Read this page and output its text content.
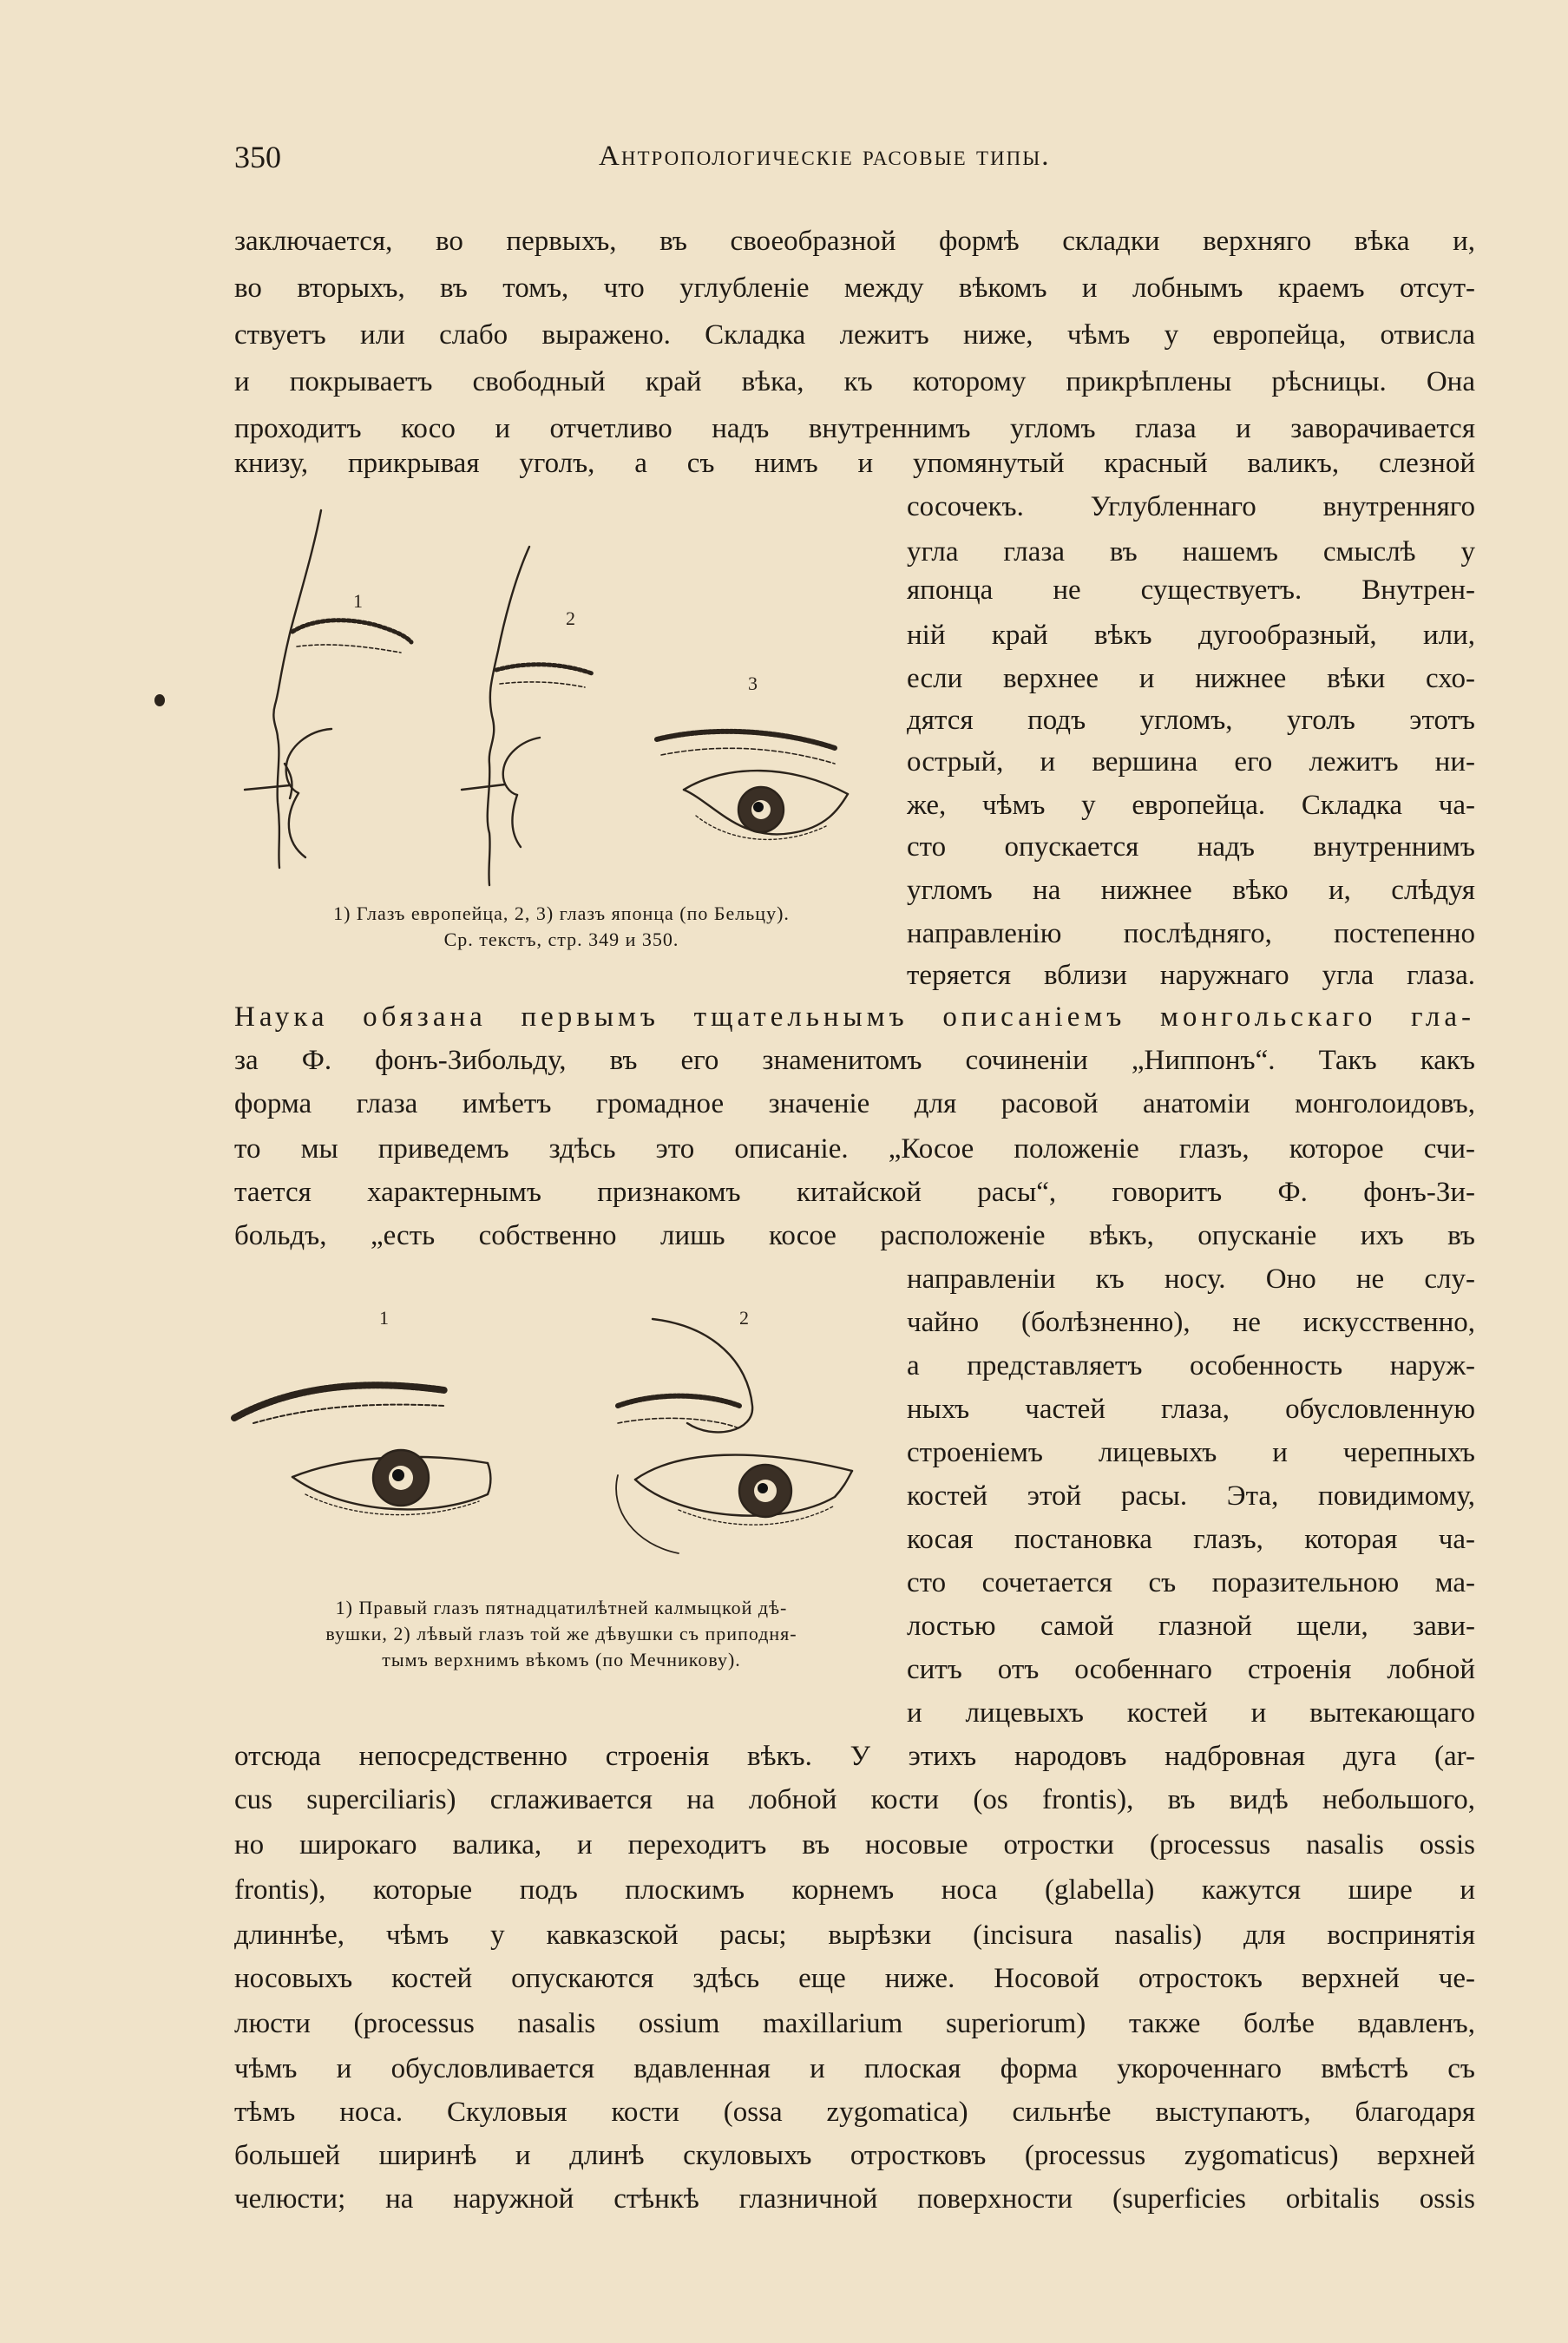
350	Антропологическіе расовые типы.

заключается, во первыхъ, въ своеобразной формѣ складки верхняго вѣка и,

во вторыхъ, въ томъ, что углубленіе между вѣкомъ и лобнымъ краемъ отсут-

ствуетъ или слабо выражено. Складка лежитъ ниже, чѣмъ у европейца, отвисла

и покрываетъ свободный край вѣка, къ которому прикрѣплены рѣсницы. Она

проходитъ косо и отчетливо надъ внутреннимъ угломъ глаза и заворачивается

книзу, прикрывая уголъ, а съ нимъ и упомянутый красный валикъ, слезной

сосочекъ. Углубленнаго внутренняго

угла глаза въ нашемъ смыслѣ у

японца не существуетъ. Внутрен-

ній край вѣкъ дугообразный, или,

если верхнее и нижнее вѣки схо-

дятся подъ угломъ, уголъ этотъ

острый, и вершина его лежитъ ни-

же, чѣмъ у европейца. Складка ча-

сто опускается надъ внутреннимъ

угломъ на нижнее вѣко и, слѣдуя

направленію послѣдняго, постепенно

теряется вблизи наружнаго угла глаза.

1
2
3
1) Глазъ европейца, 2, 3) глазъ японца (по Бельцу).
Ср. текстъ, стр. 349 и 350.

Наука обязана первымъ тщательнымъ описаніемъ монгольскаго гла-

за Ф. фонъ-Зибольду, въ его знаменитомъ сочиненіи „Ниппонъ“. Такъ какъ

форма глаза имѣетъ громадное значеніе для расовой анатоміи монголоидовъ,

то мы приведемъ здѣсь это описаніе. „Косое положеніе глазъ, которое счи-

тается характернымъ признакомъ китайской расы“, говоритъ Ф. фонъ-Зи-

больдъ, „есть собственно лишь косое расположеніе вѣкъ, опусканіе ихъ въ

направленіи къ носу. Оно не слу-

чайно (болѣзненно), не искусственно,

а представляетъ особенность наруж-

ныхъ частей глаза, обусловленную

строеніемъ лицевыхъ и черепныхъ

костей этой расы. Эта, повидимому,

косая постановка глазъ, которая ча-

сто сочетается съ поразительною ма-

лостью самой глазной щели, зави-

ситъ отъ особеннаго строенія лобной

и лицевыхъ костей и вытекающаго

1	2
1) Правый глазъ пятнадцатилѣтней калмыцкой дѣ-
вушки, 2) лѣвый глазъ той же дѣвушки съ приподня-
тымъ верхнимъ вѣкомъ (по Мечникову).

отсюда непосредственно строенія вѣкъ. У этихъ народовъ надбровная дуга (ar-

cus superciliaris) сглаживается на лобной кости (os frontis), въ видѣ небольшого,

но широкаго валика, и переходитъ въ носовые отростки (processus nasalis ossis

frontis), которые подъ плоскимъ корнемъ носа (glabella) кажутся шире и

длиннѣе, чѣмъ у кавказской расы; вырѣзки (incisura nasalis) для воспринятія

носовыхъ костей опускаются здѣсь еще ниже. Носовой отростокъ верхней че-

люсти (processus nasalis ossium maxillarium superiorum) также болѣе вдавленъ,

чѣмъ и обусловливается вдавленная и плоская форма укороченнаго вмѣстѣ съ

тѣмъ носа. Скуловыя кости (ossa zygomatica) сильнѣе выступаютъ, благодаря

большей ширинѣ и длинѣ скуловыхъ отростковъ (processus zygomaticus) верхней

челюсти; на наружной стѣнкѣ глазничной поверхности (superficies orbitalis ossis
